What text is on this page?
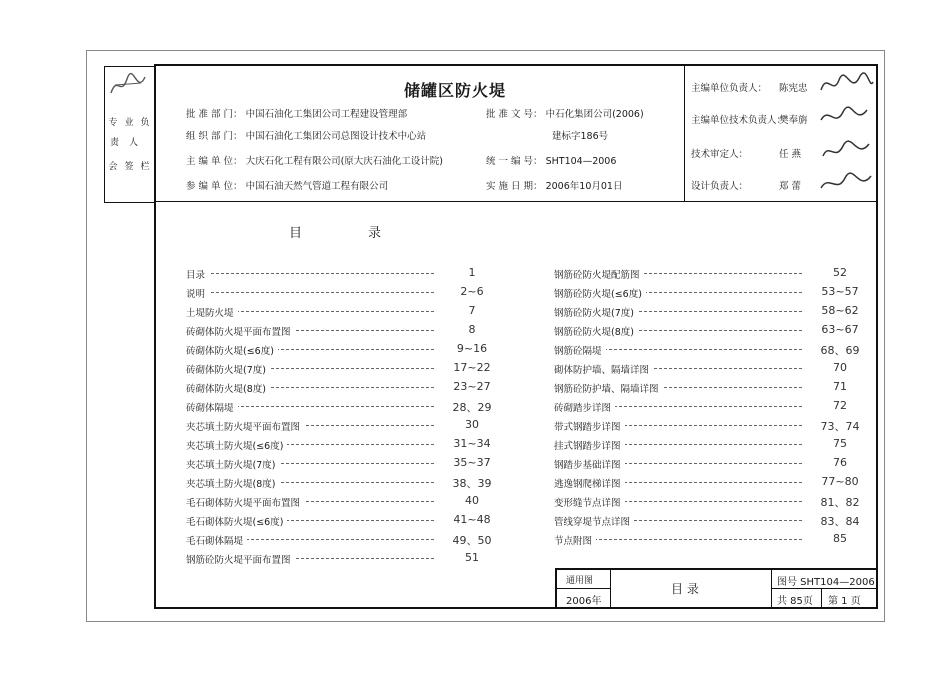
专 业 负
责 人
会 签 栏
储罐区防火堤
批 准 部 门： 中国石油化工集团公司工程建设管理部
组 织 部 门： 中国石油化工集团公司总图设计技术中心站
主 编 单 位： 大庆石化工程有限公司(原大庆石油化工设计院)
参 编 单 位： 中国石油天然气管道工程有限公司
批 准 文 号： 中石化集团公司(2006)
建标字186号
统 一 编 号： SHT104—2006
实 施 日 期： 2006年10月01日
主编单位负责人： 陈宪忠
主编单位技术负责人：
樊奉旃
技术审定人：	任 燕
设计负责人：	郑 蕾
目	录
目录	1
说明	2~6
土堤防火堤	7
砖砌体防火堤平面布置图	8
砖砌体防火堤(≤6度)	9~16
砖砌体防火堤(7度)	17~22
砖砌体防火堤(8度)	23~27
砖砌体隔堤	28、29
夹芯填土防火堤平面布置图	30
夹芯填土防火堤(≤6度)	31~34
夹芯填土防火堤(7度)	35~37
夹芯填土防火堤(8度)	38、39
毛石砌体防火堤平面布置图	40
毛石砌体防火堤(≤6度)	41~48
毛石砌体隔堤	49、50
钢筋砼防火堤平面布置图	51
钢筋砼防火堤配筋图	52
钢筋砼防火堤(≤6度)	53~57
钢筋砼防火堤(7度)	58~62
钢筋砼防火堤(8度)	63~67
钢筋砼隔堤	68、69
砌体防护墙、隔墙详图	70
钢筋砼防护墙、隔墙详图	71
砖砌踏步详图	72
带式钢踏步详图	73、74
挂式钢踏步详图	75
钢踏步基础详图	76
逃逸钢爬梯详图	77~80
变形缝节点详图	81、82
管线穿堤节点详图	83、84
节点附图	85
通用图
2006年
目 录	图号 SHT104—2006
共 85页 第 1 页
